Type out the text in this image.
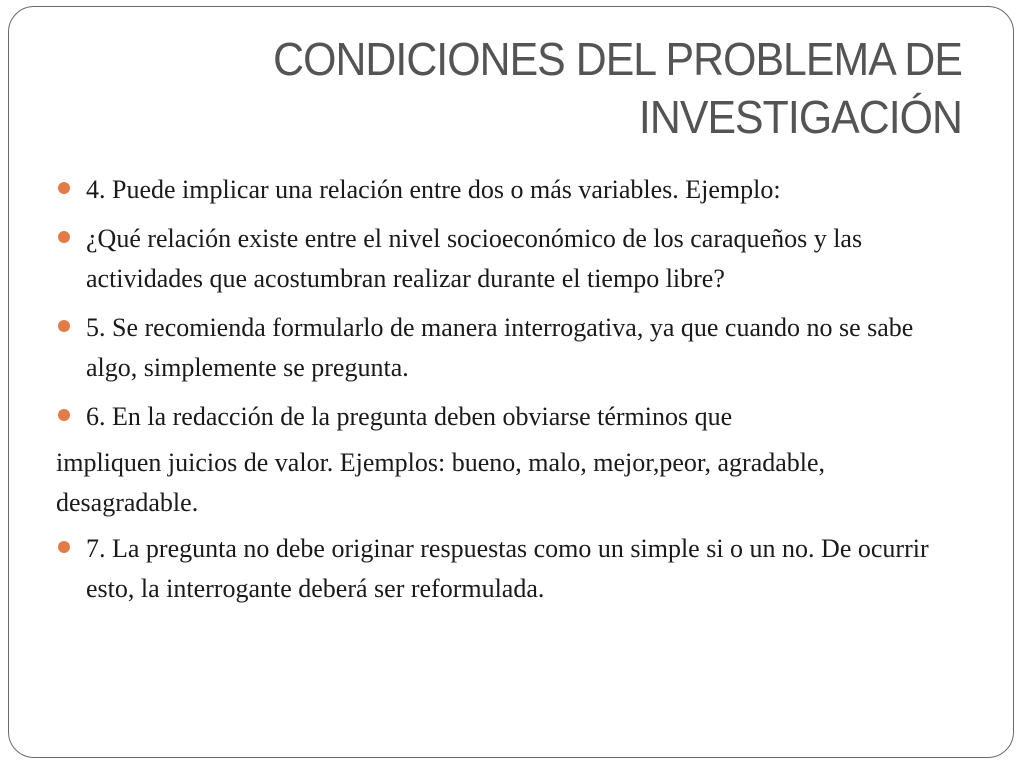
CONDICIONES DEL PROBLEMA DE
INVESTIGACIÓN
4. Puede implicar una relación entre dos o más variables. Ejemplo:
¿Qué relación existe entre el nivel socioeconómico de los caraqueños y las actividades que acostumbran realizar durante el tiempo libre?
5. Se recomienda formularlo de manera interrogativa, ya que cuando no se sabe algo, simplemente se pregunta.
6. En la redacción de la pregunta deben obviarse términos que
impliquen juicios de valor. Ejemplos: bueno, malo, mejor,peor, agradable, desagradable.
7. La pregunta no debe originar respuestas como un simple si o un no. De ocurrir esto, la interrogante deberá ser reformulada.
